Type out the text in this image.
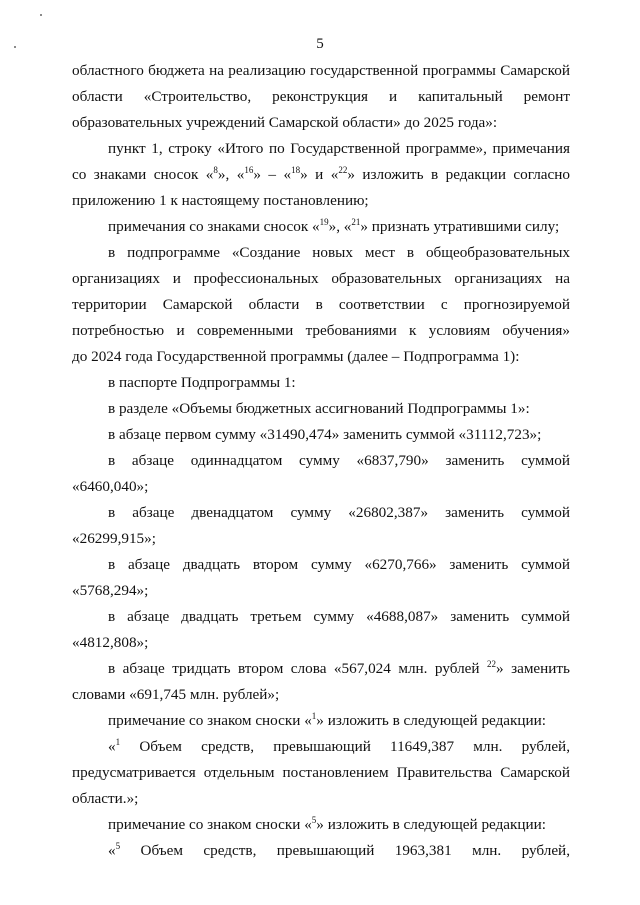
5
областного бюджета на реализацию государственной программы Самарской
области «Строительство, реконструкция и капитальный ремонт
образовательных учреждений Самарской области» до 2025 года»:
пункт 1, строку «Итого по Государственной программе», примечания
со знаками сносок «$^8$», «$^{16}$» – «$^{18}$» и «$^{22}$» изложить в редакции согласно
приложению 1 к настоящему постановлению;
примечания со знаками сносок «$^{19}$», «$^{21}$» признать утратившими силу;
в подпрограмме «Создание новых мест в общеобразовательных
организациях и профессиональных образовательных организациях на
территории Самарской области в соответствии с прогнозируемой
потребностью и современными требованиями к условиям обучения»
до 2024 года Государственной программы (далее – Подпрограмма 1):
в паспорте Подпрограммы 1:
в разделе «Объемы бюджетных ассигнований Подпрограммы 1»:
в абзаце первом сумму «31490,474» заменить суммой «31112,723»;
в абзаце одиннадцатом сумму «6837,790» заменить суммой
«6460,040»;
в абзаце двенадцатом сумму «26802,387» заменить суммой
«26299,915»;
в абзаце двадцать втором сумму «6270,766» заменить суммой
«5768,294»;
в абзаце двадцать третьем сумму «4688,087» заменить суммой
«4812,808»;
в абзаце тридцать втором слова «567,024 млн. рублей $^{22}$» заменить
словами «691,745 млн. рублей»;
примечание со знаком сноски «$^1$» изложить в следующей редакции:
«$^1$ Объем средств, превышающий 11649,387 млн. рублей,
предусматривается отдельным постановлением Правительства Самарской
области.»;
примечание со знаком сноски «$^5$» изложить в следующей редакции:
«$^5$ Объем средств, превышающий 1963,381 млн. рублей,
